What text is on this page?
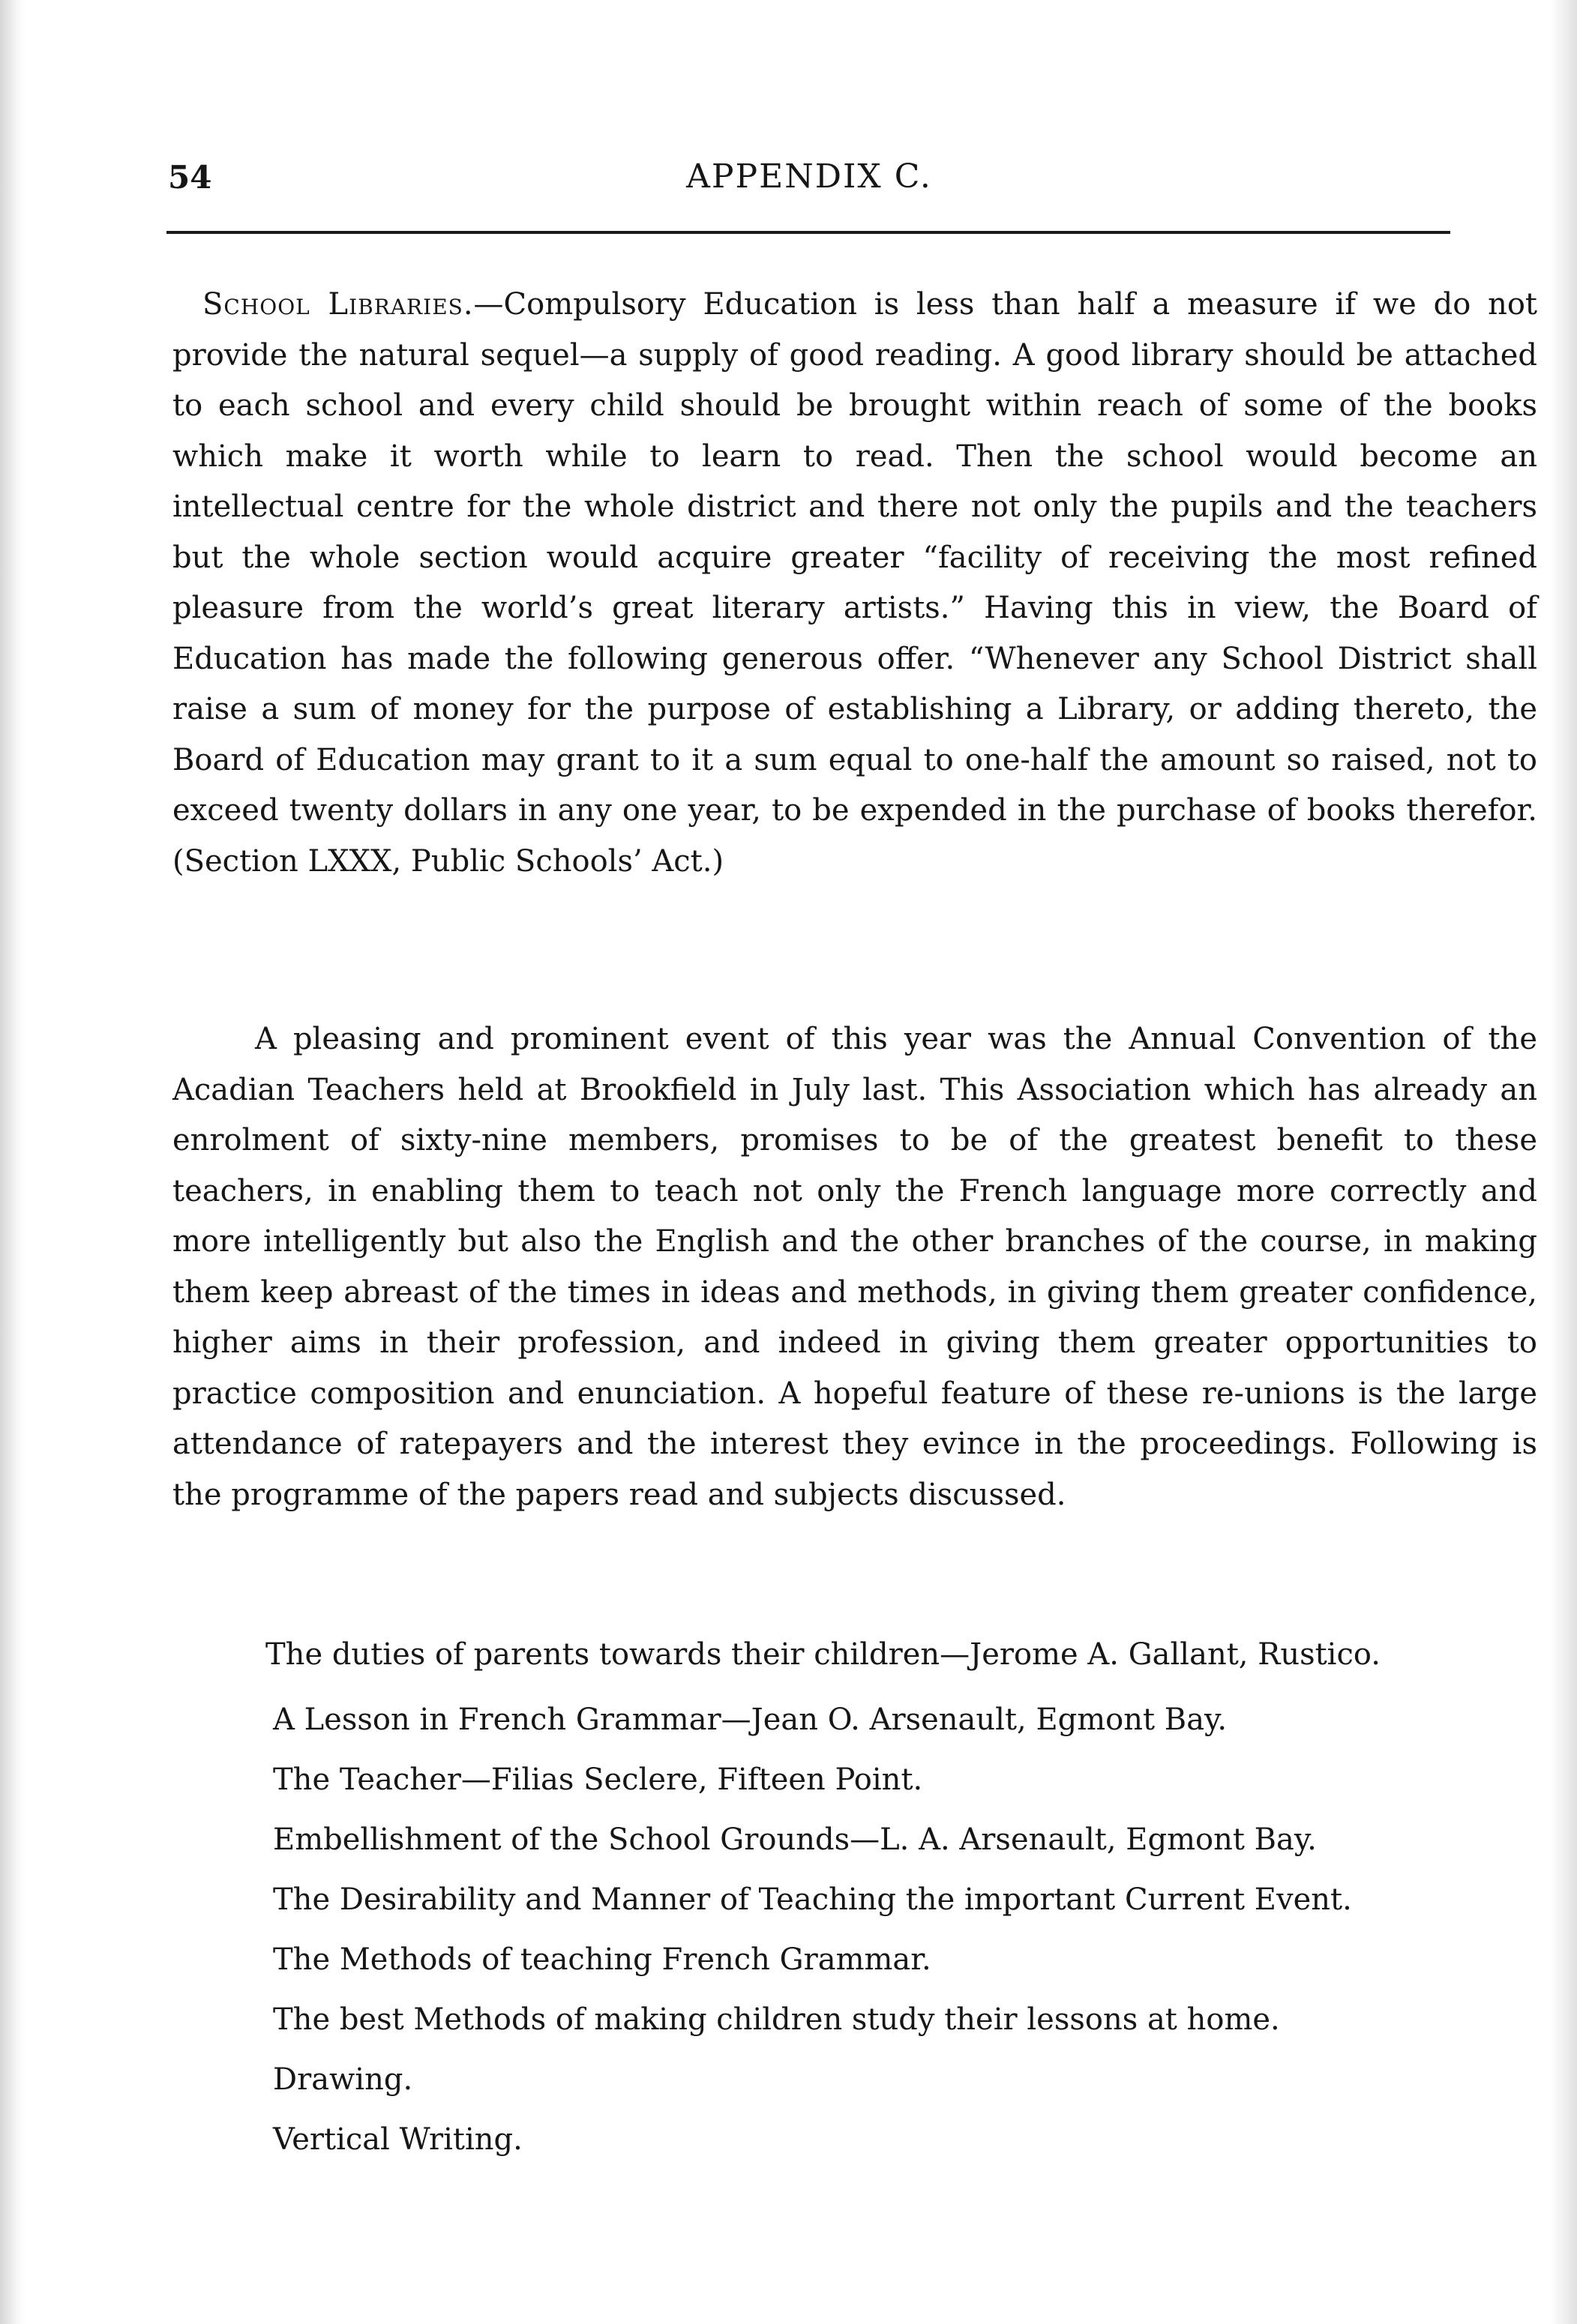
54	APPENDIX C.

School Libraries.—Compulsory Education is less than half a measure if we do not provide the natural sequel—a supply of good reading. A good library should be attached to each school and every child should be brought within reach of some of the books which make it worth while to learn to read. Then the school would become an intellectual centre for the whole district and there not only the pupils and the teachers but the whole section would acquire greater “facility of receiving the most refined pleasure from the world’s great literary artists.” Having this in view, the Board of Education has made the following generous offer. “Whenever any School District shall raise a sum of money for the purpose of establishing a Library, or adding thereto, the Board of Education may grant to it a sum equal to one-half the amount so raised, not to exceed twenty dollars in any one year, to be expended in the purchase of books therefor. (Section LXXX, Public Schools’ Act.)

A pleasing and prominent event of this year was the Annual Convention of the Acadian Teachers held at Brookfield in July last. This Association which has already an enrolment of sixty-nine members, promises to be of the greatest benefit to these teachers, in enabling them to teach not only the French language more correctly and more intelligently but also the English and the other branches of the course, in making them keep abreast of the times in ideas and methods, in giving them greater confidence, higher aims in their profession, and indeed in giving them greater opportunities to practice composition and enunciation. A hopeful feature of these re-unions is the large attendance of ratepayers and the interest they evince in the proceedings. Following is the programme of the papers read and subjects discussed.

The duties of parents towards their children—Jerome A. Gallant, Rustico.

A Lesson in French Grammar—Jean O. Arsenault, Egmont Bay.
The Teacher—Filias Seclere, Fifteen Point.
Embellishment of the School Grounds—L. A. Arsenault, Egmont Bay.
The Desirability and Manner of Teaching the important Current Event.
The Methods of teaching French Grammar.
The best Methods of making children study their lessons at home.
Drawing.
Vertical Writing.
